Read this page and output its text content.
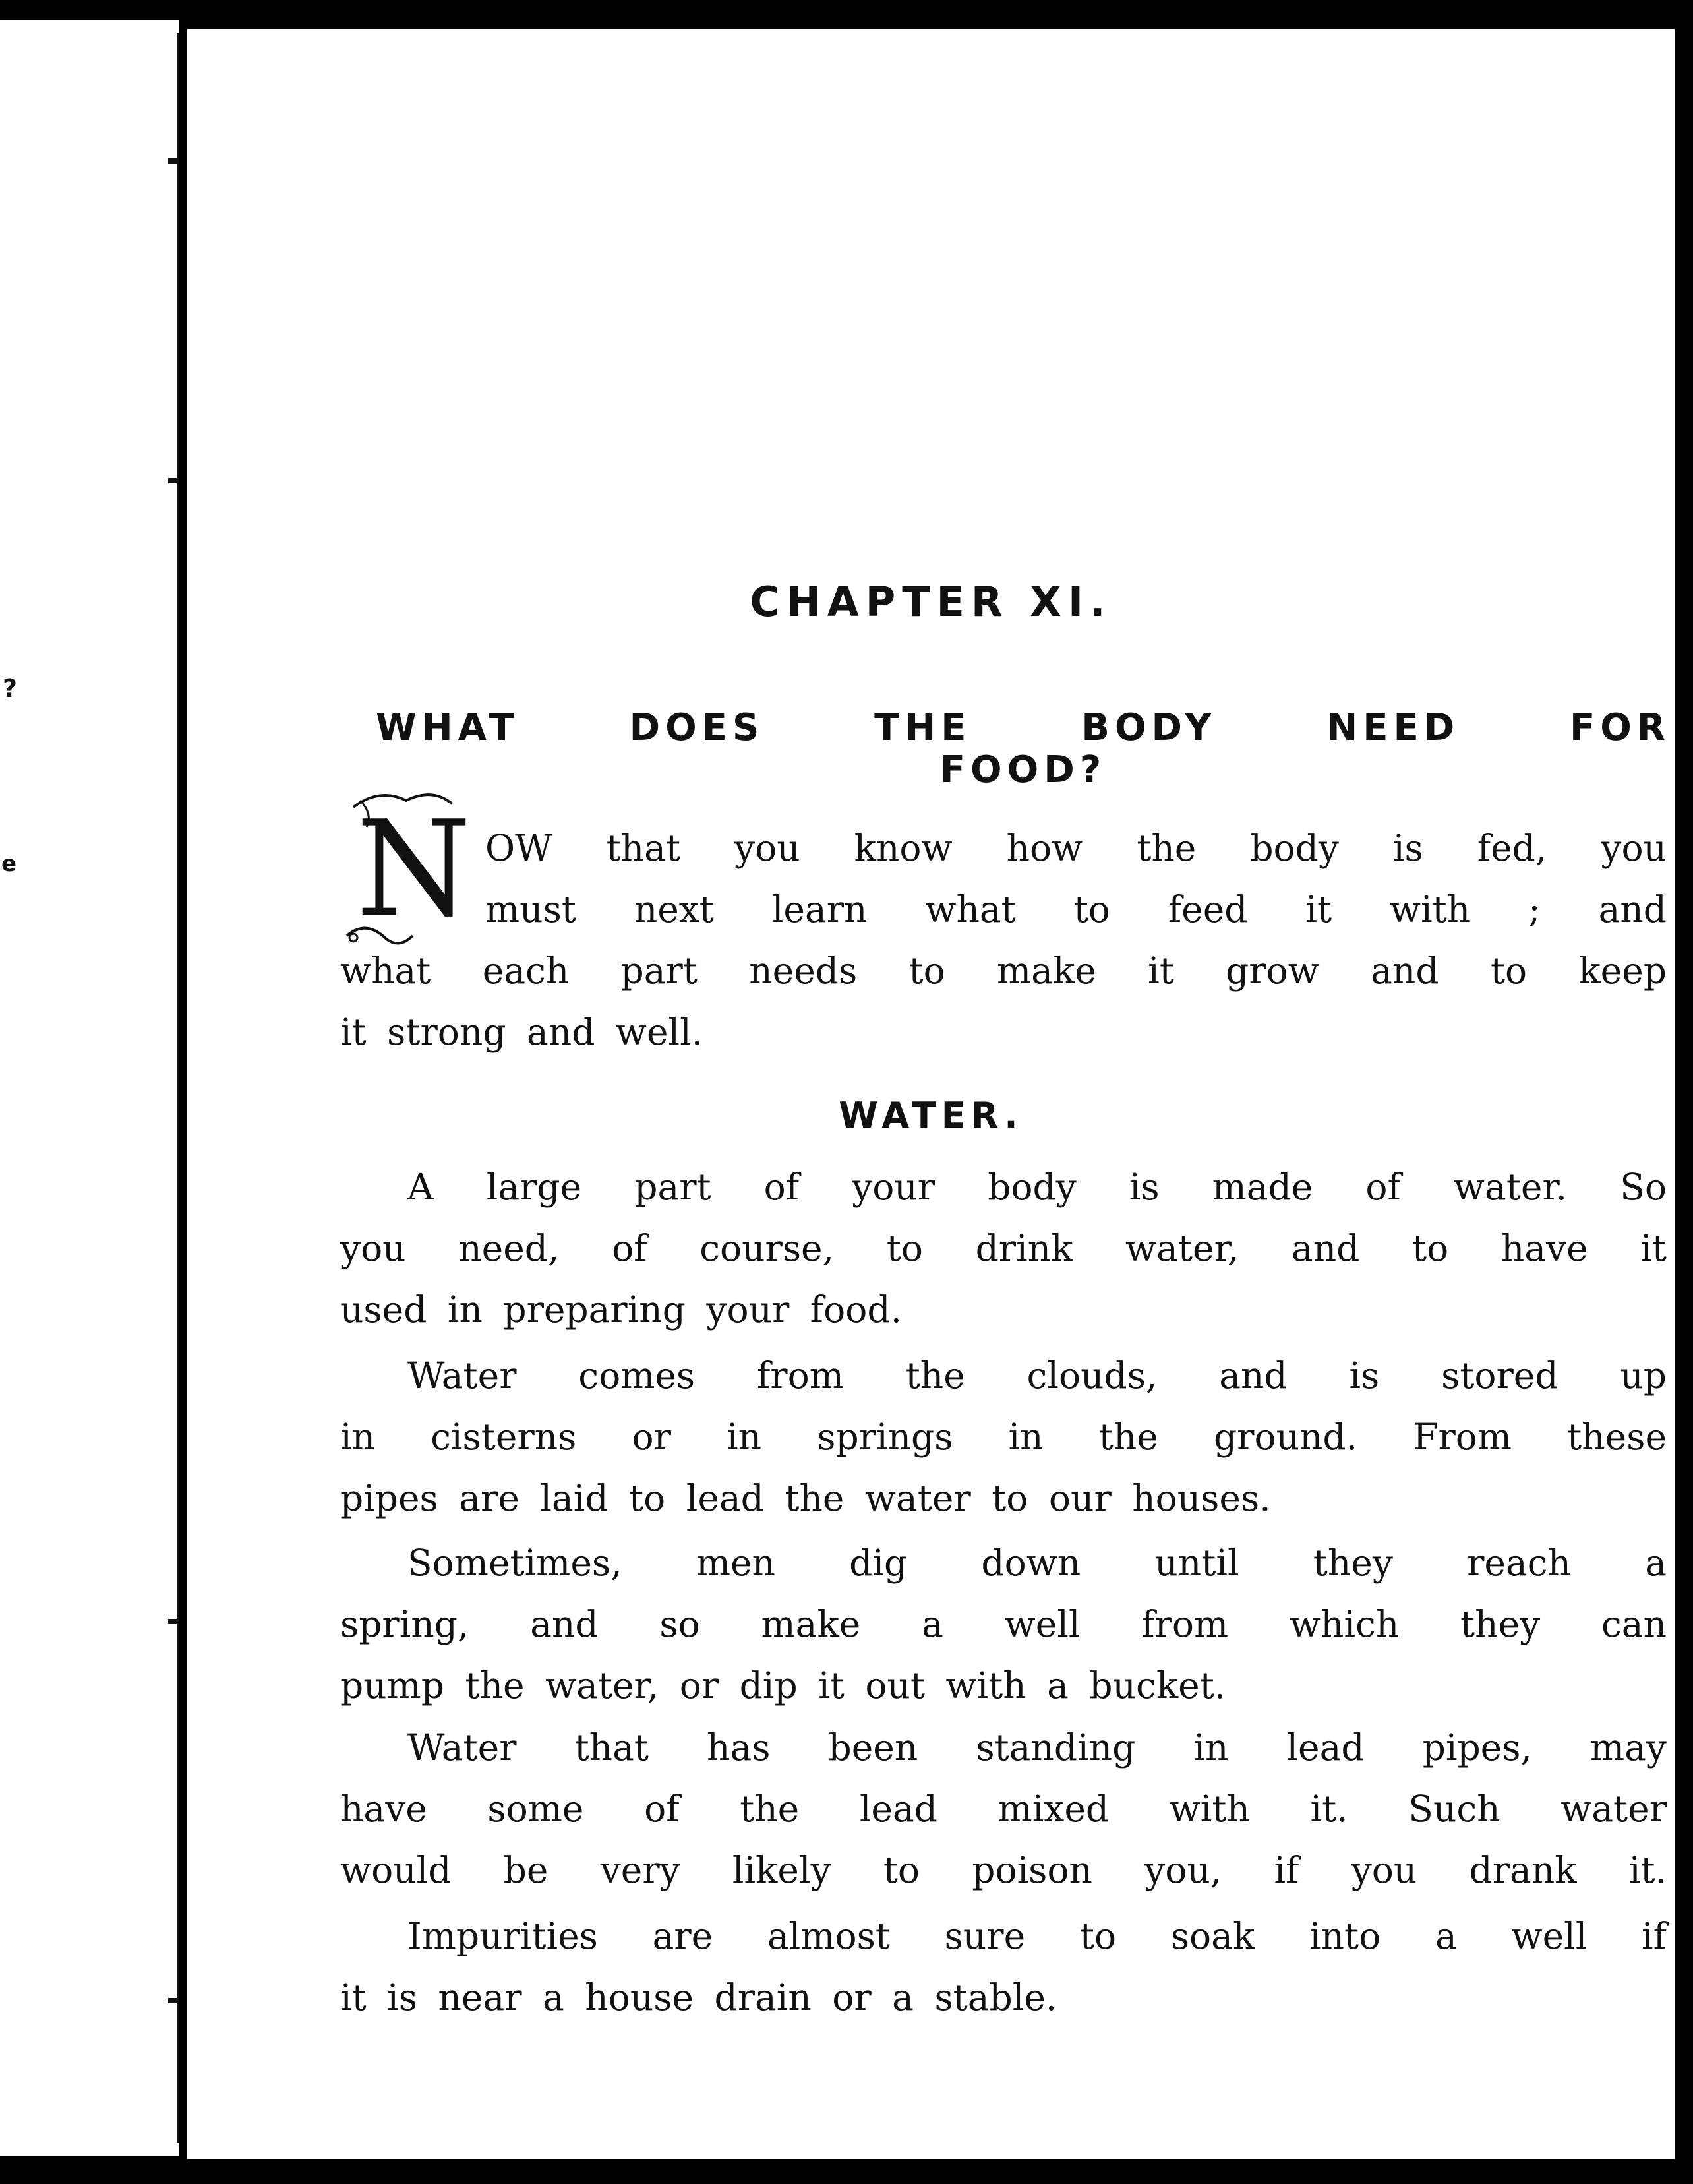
?
e
CHAPTER XI.
WHAT DOES THE BODY NEED FOR
FOOD?
N OW that you know how the body is fed, you
must next learn what to feed it with ; and
what each part needs to make it grow and to keep
it strong and well.
WATER.
A large part of your body is made of water. So
you need, of course, to drink water, and to have it
used in preparing your food.
Water comes from the clouds, and is stored up
in cisterns or in springs in the ground. From these
pipes are laid to lead the water to our houses.
Sometimes, men dig down until they reach a
spring, and so make a well from which they can
pump the water, or dip it out with a bucket.
Water that has been standing in lead pipes, may
have some of the lead mixed with it. Such water
would be very likely to poison you, if you drank it.
Impurities are almost sure to soak into a well if
it is near a house drain or a stable.
